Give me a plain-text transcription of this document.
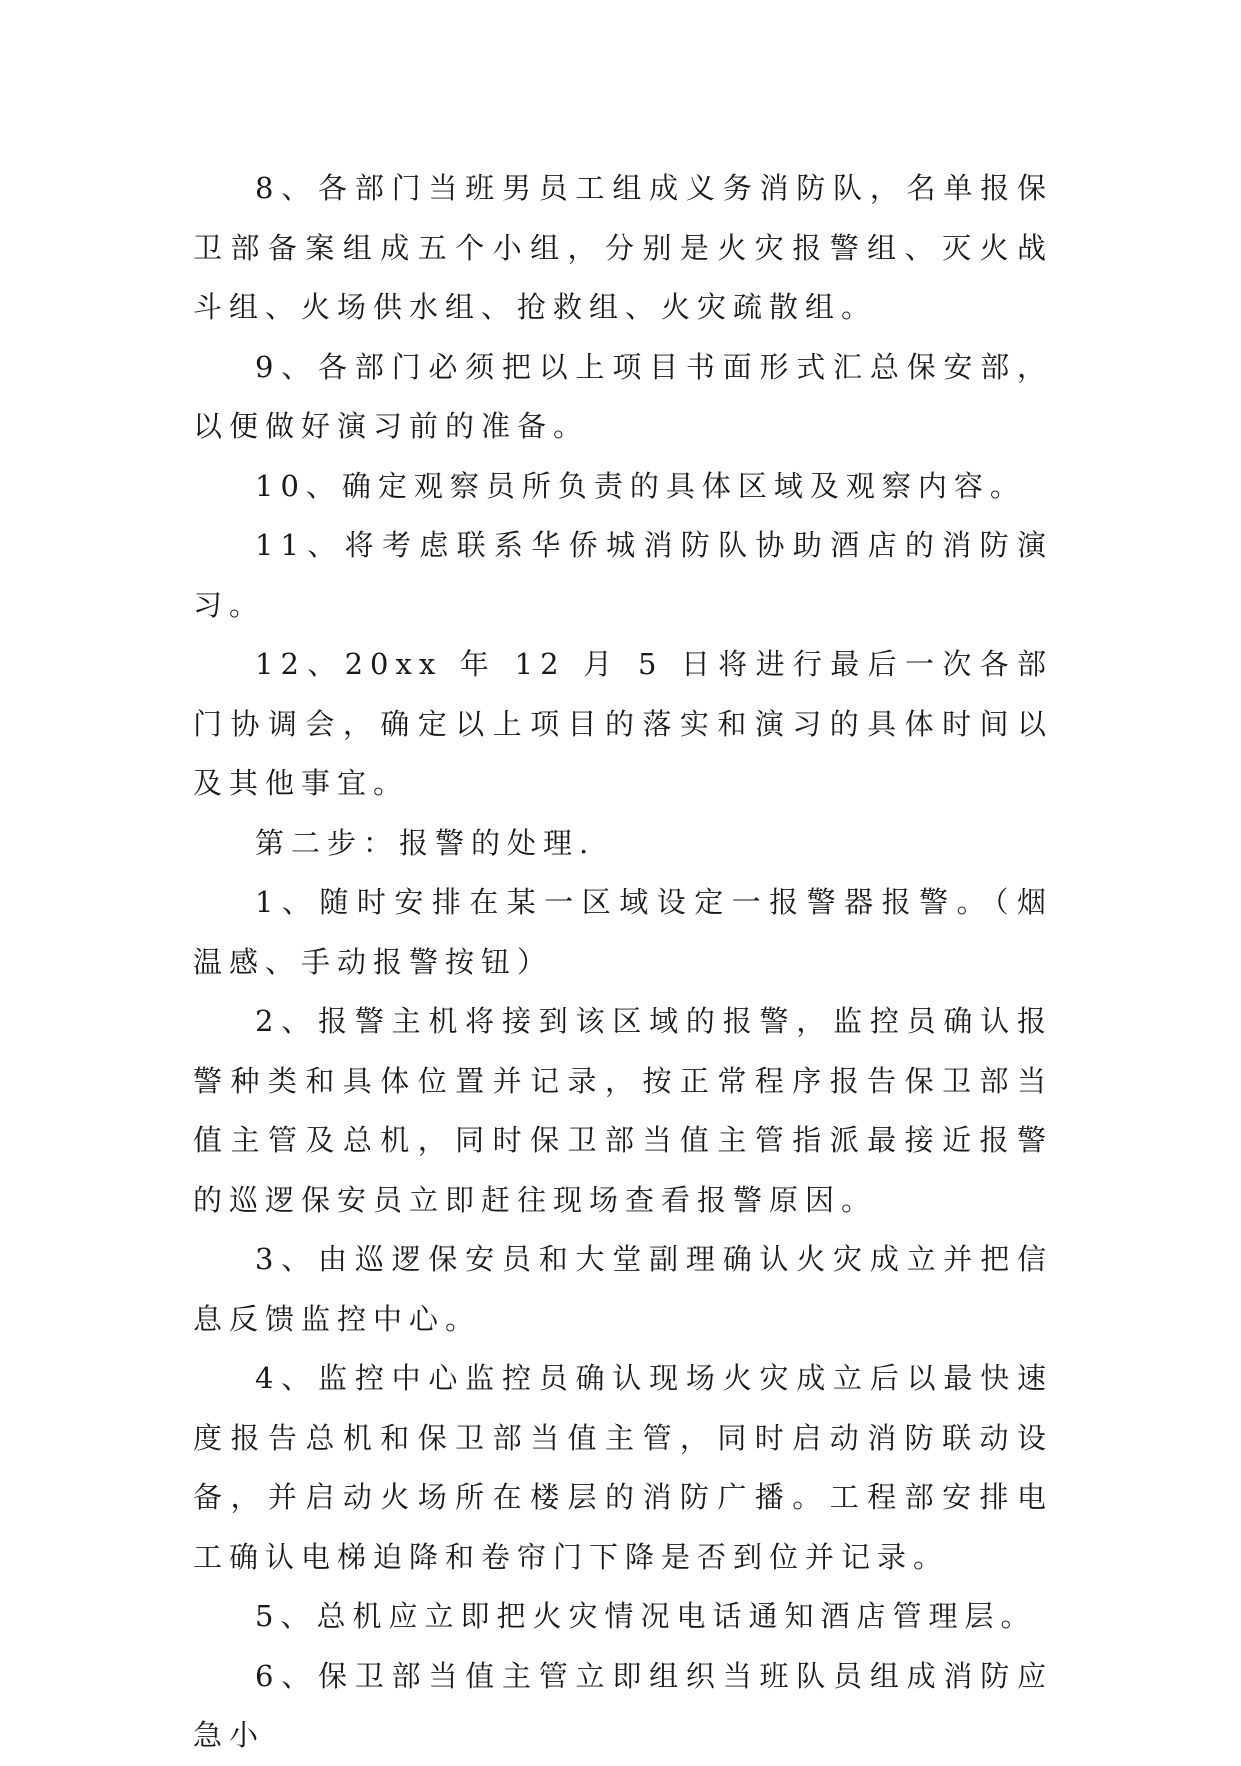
8、各部门当班男员工组成义务消防队，名单报保卫部备案组成五个小组，分别是火灾报警组、灭火战斗组、火场供水组、抢救组、火灾疏散组。

9、各部门必须把以上项目书面形式汇总保安部，以便做好演习前的准备。

10、确定观察员所负责的具体区域及观察内容。

11、将考虑联系华侨城消防队协助酒店的消防演习。

12、20xx 年 12 月 5 日将进行最后一次各部门协调会，确定以上项目的落实和演习的具体时间以及其他事宜。

第二步：报警的处理.

1、随时安排在某一区域设定一报警器报警。（烟温感、手动报警按钮）

2、报警主机将接到该区域的报警，监控员确认报警种类和具体位置并记录，按正常程序报告保卫部当值主管及总机，同时保卫部当值主管指派最接近报警的巡逻保安员立即赶往现场查看报警原因。

3、由巡逻保安员和大堂副理确认火灾成立并把信息反馈监控中心。

4、监控中心监控员确认现场火灾成立后以最快速度报告总机和保卫部当值主管，同时启动消防联动设备，并启动火场所在楼层的消防广播。工程部安排电工确认电梯迫降和卷帘门下降是否到位并记录。

5、总机应立即把火灾情况电话通知酒店管理层。

6、保卫部当值主管立即组织当班队员组成消防应急小
